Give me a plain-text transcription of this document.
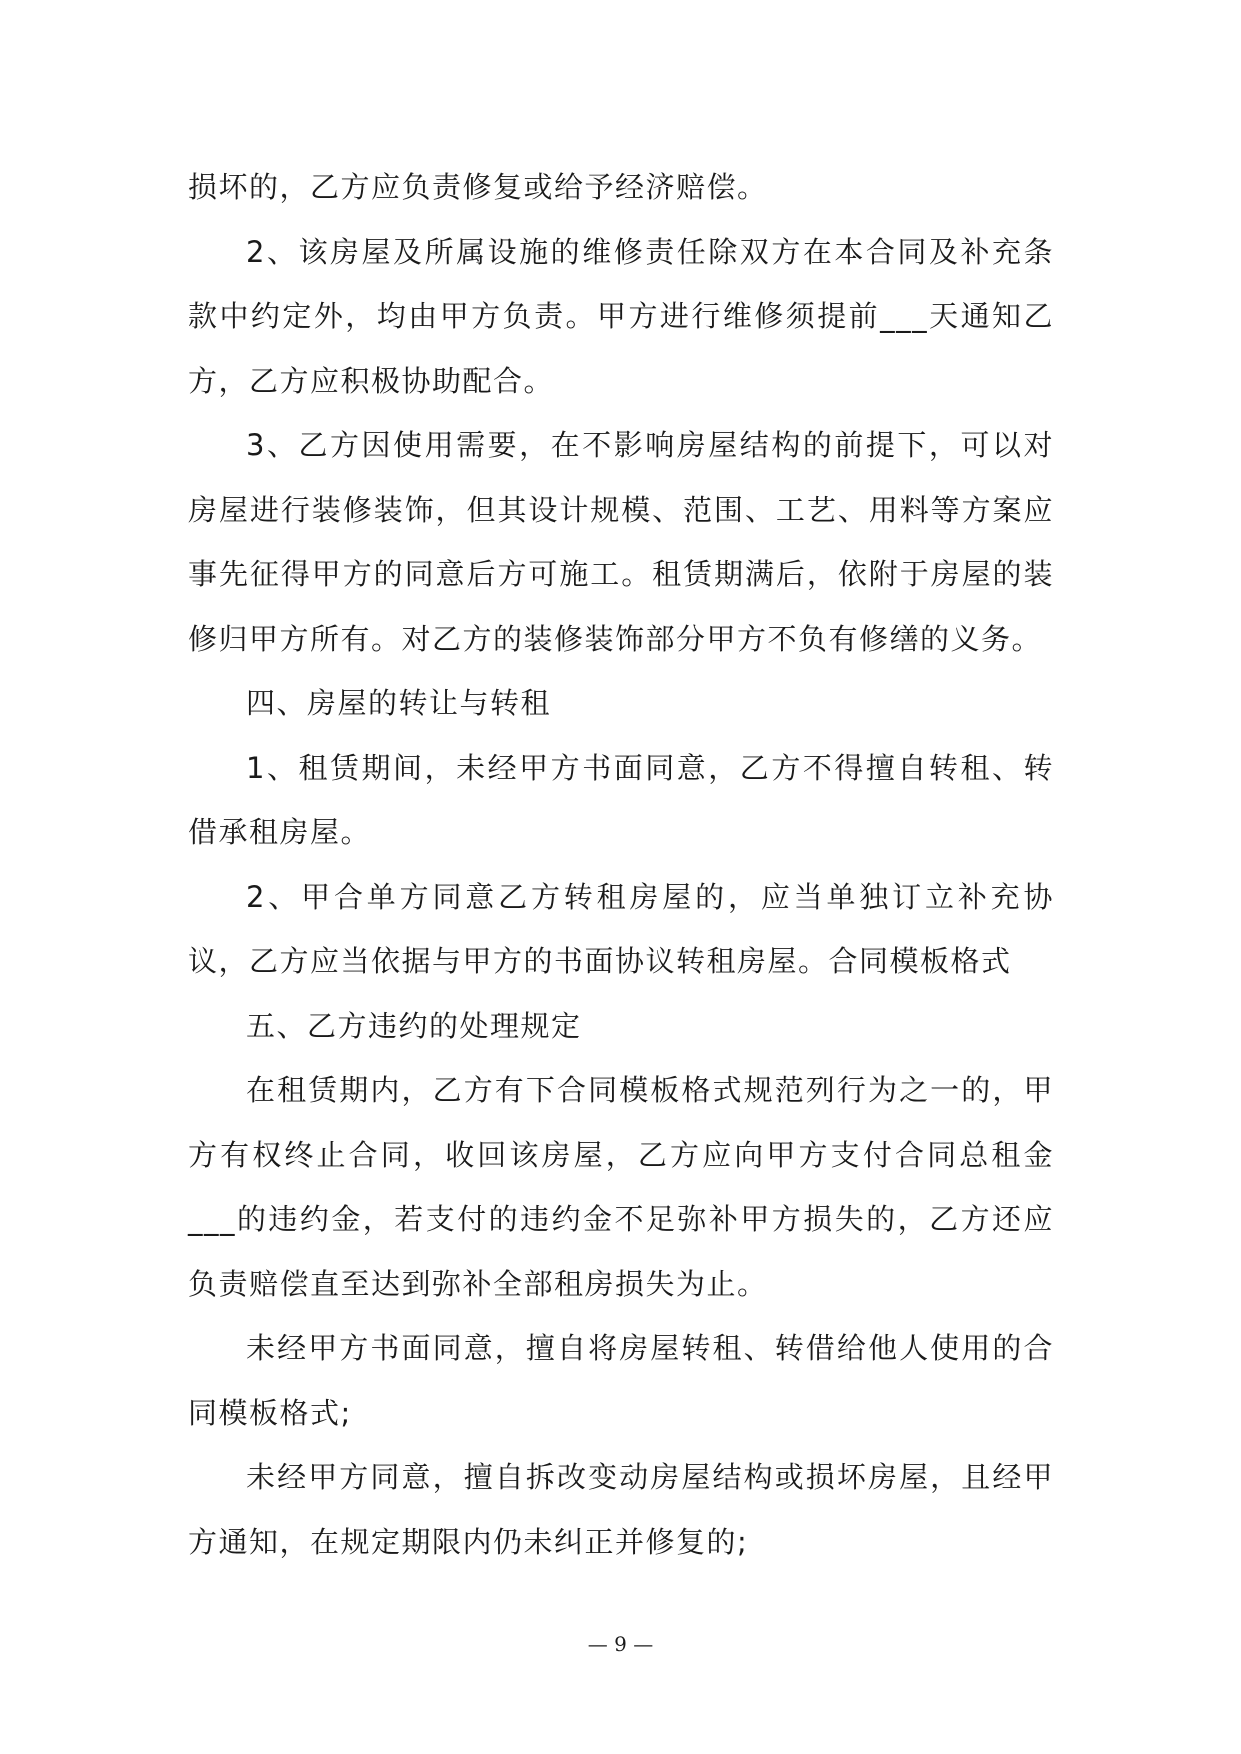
损坏的，乙方应负责修复或给予经济赔偿。

2、该房屋及所属设施的维修责任除双方在本合同及补充条款中约定外，均由甲方负责。甲方进行维修须提前___天通知乙方，乙方应积极协助配合。

3、乙方因使用需要，在不影响房屋结构的前提下，可以对房屋进行装修装饰，但其设计规模、范围、工艺、用料等方案应事先征得甲方的同意后方可施工。租赁期满后，依附于房屋的装修归甲方所有。对乙方的装修装饰部分甲方不负有修缮的义务。

四、房屋的转让与转租

1、租赁期间，未经甲方书面同意，乙方不得擅自转租、转借承租房屋。

2、甲合单方同意乙方转租房屋的，应当单独订立补充协议，乙方应当依据与甲方的书面协议转租房屋。合同模板格式

五、乙方违约的处理规定

在租赁期内，乙方有下合同模板格式规范列行为之一的，甲方有权终止合同，收回该房屋，乙方应向甲方支付合同总租金___的违约金，若支付的违约金不足弥补甲方损失的，乙方还应负责赔偿直至达到弥补全部租房损失为止。

未经甲方书面同意，擅自将房屋转租、转借给他人使用的合同模板格式;

未经甲方同意，擅自拆改变动房屋结构或损坏房屋，且经甲方通知，在规定期限内仍未纠正并修复的;

— 9 —
